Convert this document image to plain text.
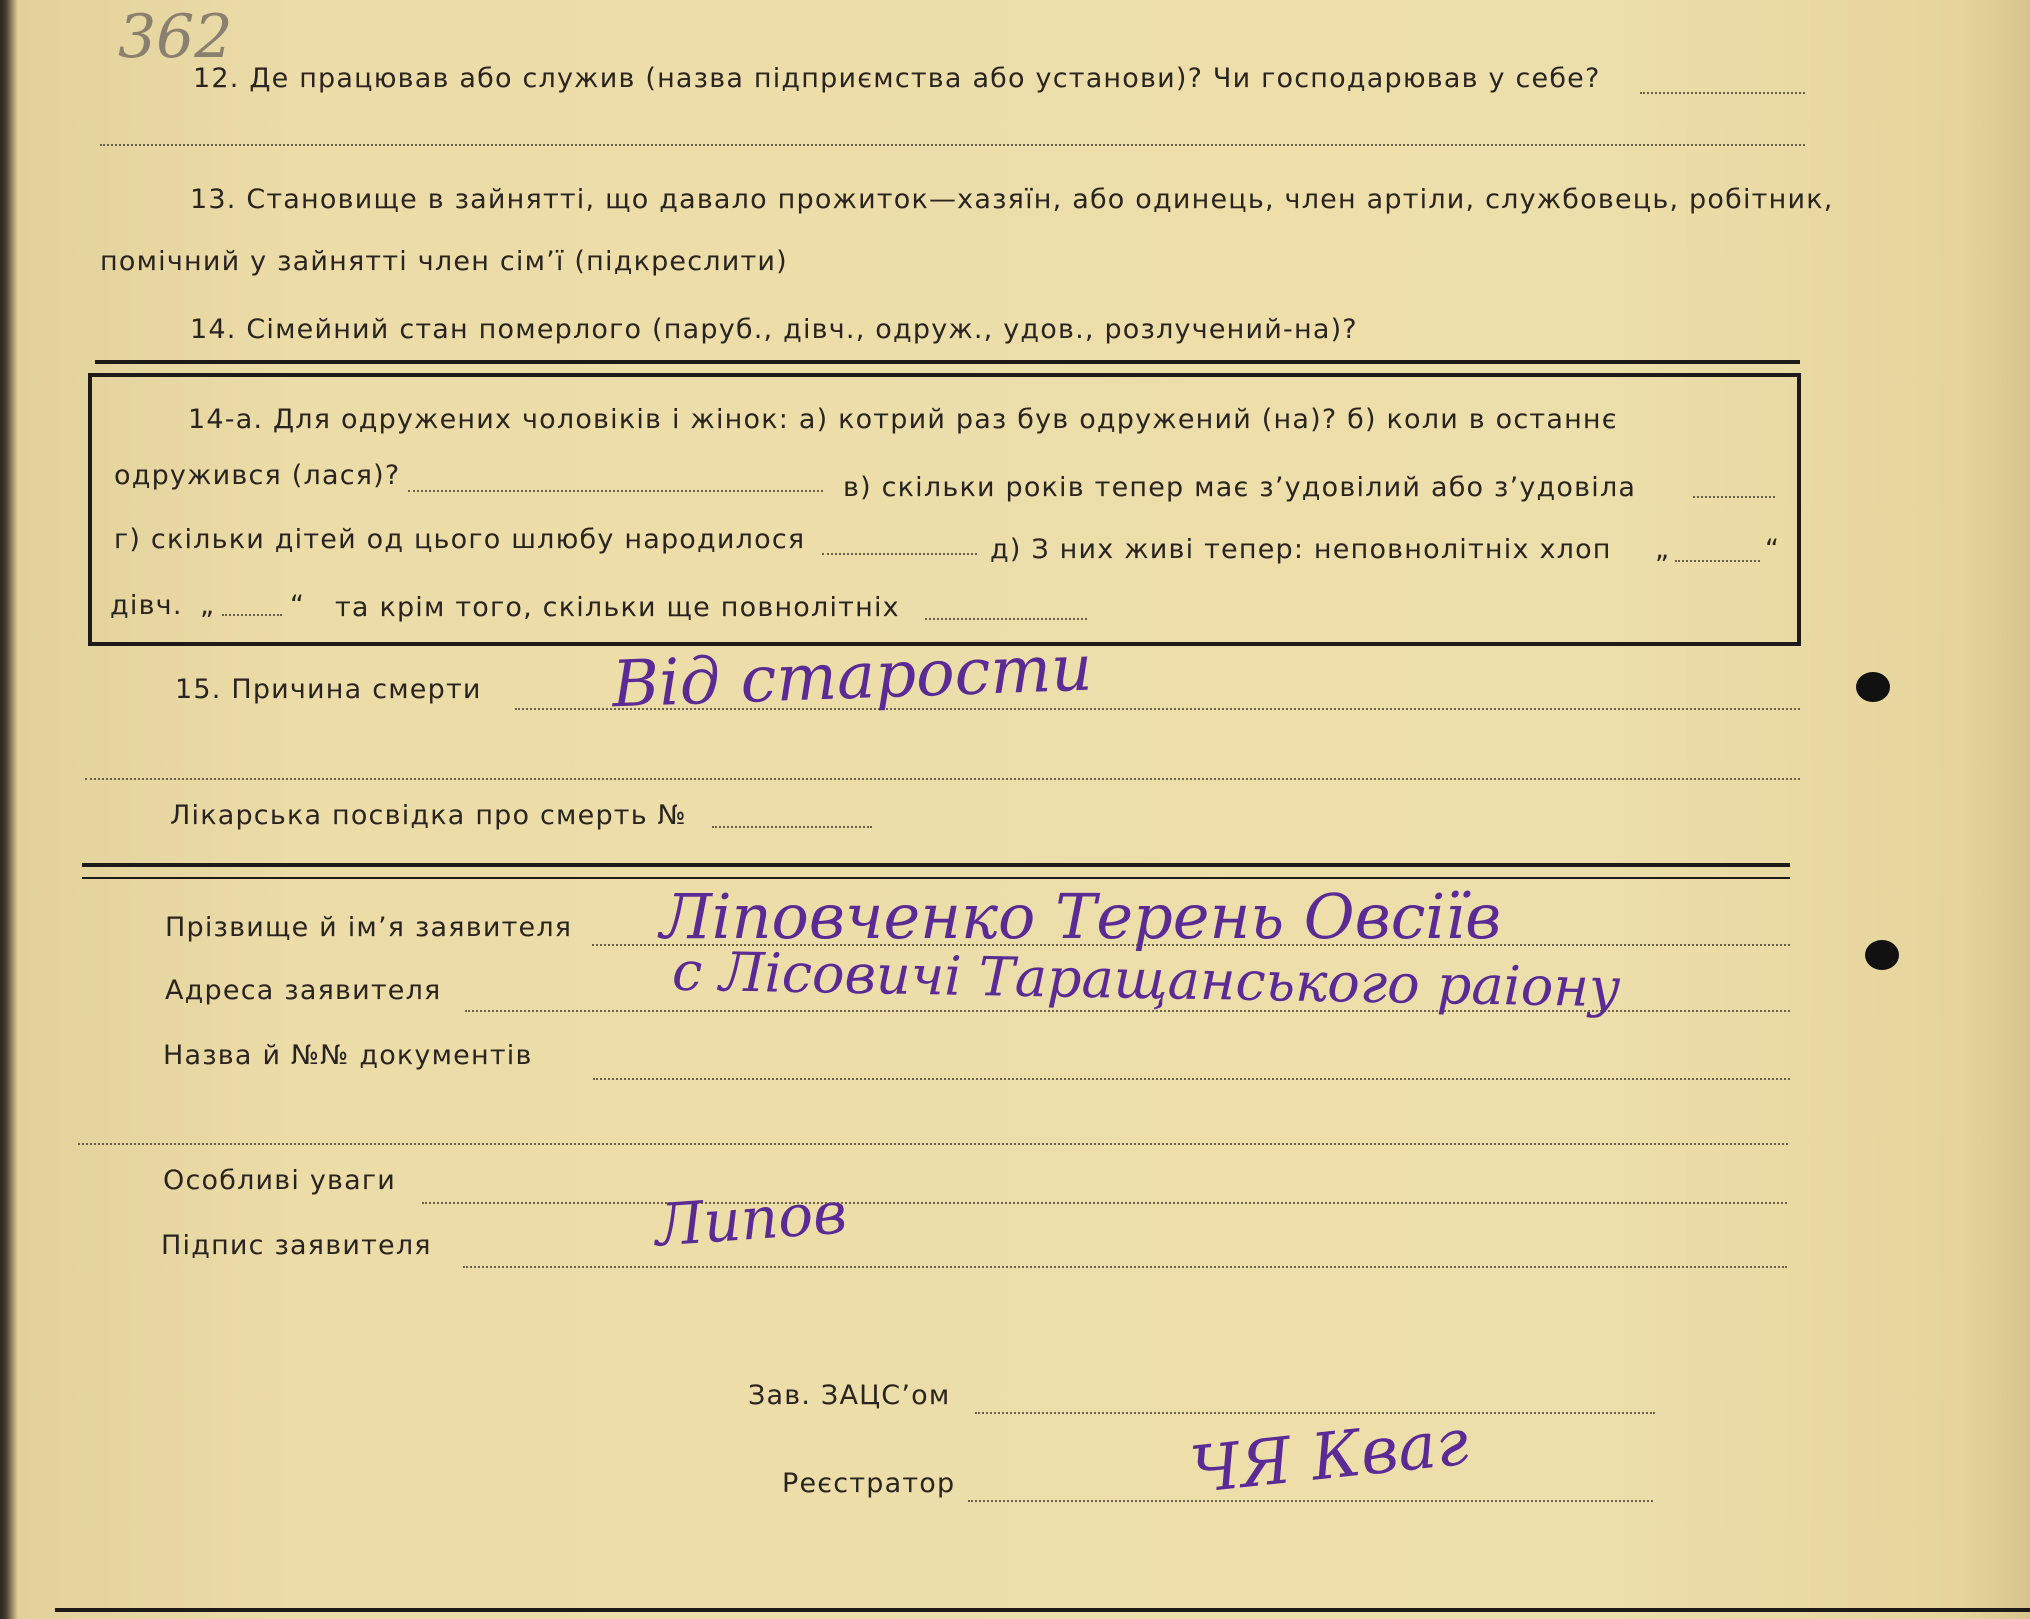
362
12. Де працював або служив (назва підприємства або установи)? Чи господарював у себе?
13. Становище в зайнятті, що давало прожиток—хазяїн, або одинець, член артіли, службовець, робітник,
помічний у зайнятті член сім’ї (підкреслити)
14. Сімейний стан померлого (паруб., дівч., одруж., удов., розлучений-на)?
14-а. Для одружених чоловіків і жінок: а) котрий раз був одружений (на)? б) коли в останнє
одружився (лася)?	в) скільки років тепер має з’удовілий або з’удовіла
г) скільки дітей од цього шлюбу народилося	д) З них живі тепер: неповнолітніх хлоп „	“
дівч. „	“ та крім того, скільки ще повнолітніх
15. Причина смерти Від старости
Лікарська посвідка про смерть №
Прізвище й ім’я заявителя Ліповченко Терень Овсіїв
Адреса заявителя	с Лісовичі Таращанського раіону
Назва й №№ документів
Особливі уваги
Підпис заявителя	Липов
Зав. ЗАЦС’ом
Реєстратор	ЧЯ Кваг
